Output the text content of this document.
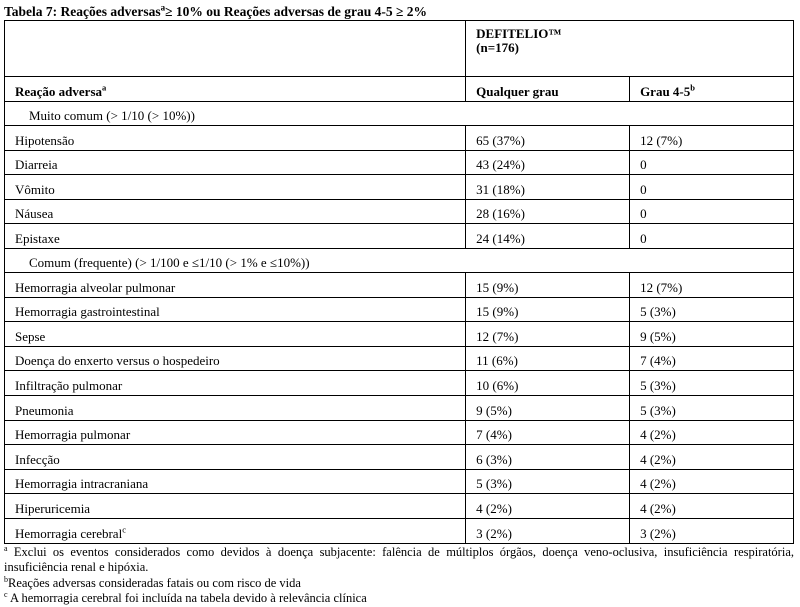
Tabela 7: Reações adversas$^a$≥ 10% ou Reações adversas de grau 4-5 ≥ 2%

	DEFITELIO™
(n=176)	

Reação adversa$^a$	Qualquer grau	Grau 4-5$^b$
Muito comum (> 1/10 (> 10%))		
Hipotensão	65 (37%)	12 (7%)
Diarreia	43 (24%)	0
Vômito	31 (18%)	0
Náusea	28 (16%)	0
Epistaxe	24 (14%)	0
Comum (frequente) (> 1/100 e ≤1/10 (> 1% e ≤10%))		
Hemorragia alveolar pulmonar	15 (9%)	12 (7%)
Hemorragia gastrointestinal	15 (9%)	5 (3%)
Sepse	12 (7%)	9 (5%)
Doença do enxerto versus o hospedeiro	11 (6%)	7 (4%)
Infiltração pulmonar	10 (6%)	5 (3%)
Pneumonia	9 (5%)	5 (3%)
Hemorragia pulmonar	7 (4%)	4 (2%)
Infecção	6 (3%)	4 (2%)
Hemorragia intracraniana	5 (3%)	4 (2%)
Hiperuricemia	4 (2%)	4 (2%)
Hemorragia cerebral$^c$	3 (2%)	3 (2%)
$^a$ Exclui os eventos considerados como devidos à doença subjacente: falência de múltiplos órgãos, doença veno-oclusiva, insuficiência respiratória, insuficiência renal e hipóxia.
$^b$Reações adversas consideradas fatais ou com risco de vida
$^c$ A hemorragia cerebral foi incluída na tabela devido à relevância clínica
